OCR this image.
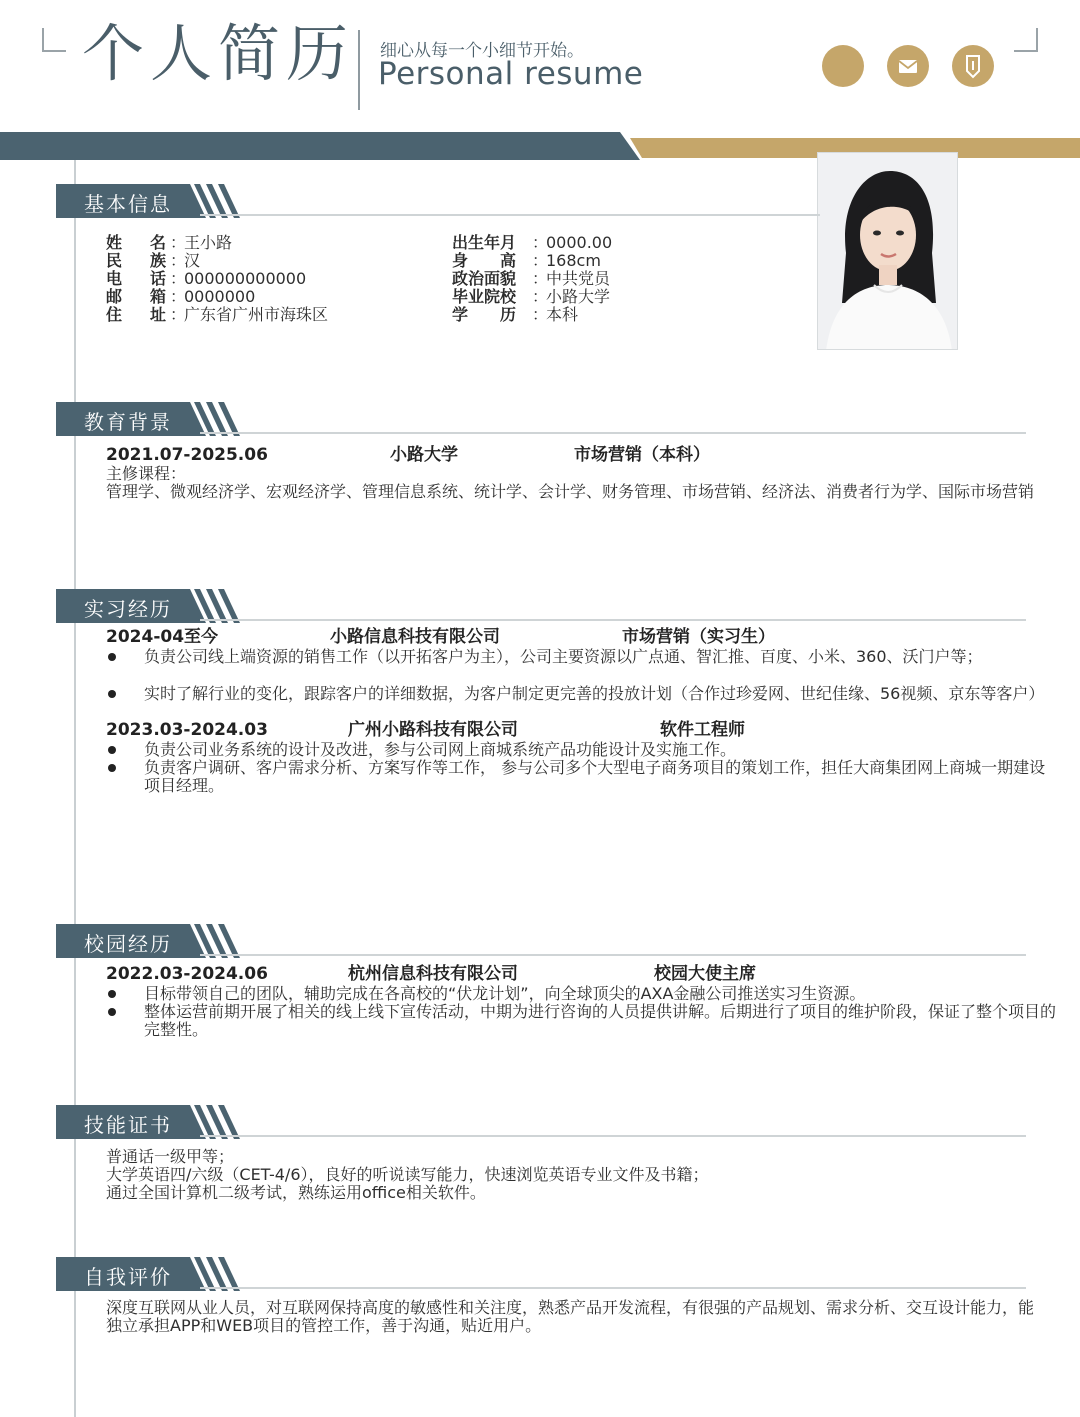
个人简历 细心从每一个小细节开始。
Personal resume
基本信息
姓　名：王小路
民　族：汉
电　话：000000000000
邮　箱：0000000
住　址：广东省广州市海珠区
出生年月 ：0000.00
身　　高 ：168cm
政治面貌 ：中共党员
毕业院校 ：小路大学
学　　历 ：本科
教育背景
2021.07-2025.06	小路大学	市场营销（本科）
主修课程：
管理学、微观经济学、宏观经济学、管理信息系统、统计学、会计学、财务管理、市场营销、经济法、消费者行为学、国际市场营销
实习经历
2024-04至今	小路信息科技有限公司	市场营销（实习生）
负责公司线上端资源的销售工作（以开拓客户为主），公司主要资源以广点通、智汇推、百度、小米、360、沃门户等；
实时了解行业的变化，跟踪客户的详细数据，为客户制定更完善的投放计划（合作过珍爱网、世纪佳缘、56视频、京东等客户）
2023.03-2024.03	广州小路科技有限公司	软件工程师
负责公司业务系统的设计及改进，参与公司网上商城系统产品功能设计及实施工作。
负责客户调研、客户需求分析、方案写作等工作， 参与公司多个大型电子商务项目的策划工作，担任大商集团网上商城一期建设项目经理。
校园经历
2022.03-2024.06	杭州信息科技有限公司	校园大使主席
目标带领自己的团队，辅助完成在各高校的“伏龙计划”，向全球顶尖的AXA金融公司推送实习生资源。
整体运营前期开展了相关的线上线下宣传活动，中期为进行咨询的人员提供讲解。后期进行了项目的维护阶段，保证了整个项目的完整性。
技能证书
普通话一级甲等；
大学英语四/六级（CET-4/6），良好的听说读写能力，快速浏览英语专业文件及书籍；
通过全国计算机二级考试，熟练运用office相关软件。
自我评价
深度互联网从业人员，对互联网保持高度的敏感性和关注度，熟悉产品开发流程，有很强的产品规划、需求分析、交互设计能力，能独立承担APP和WEB项目的管控工作，善于沟通，贴近用户。
